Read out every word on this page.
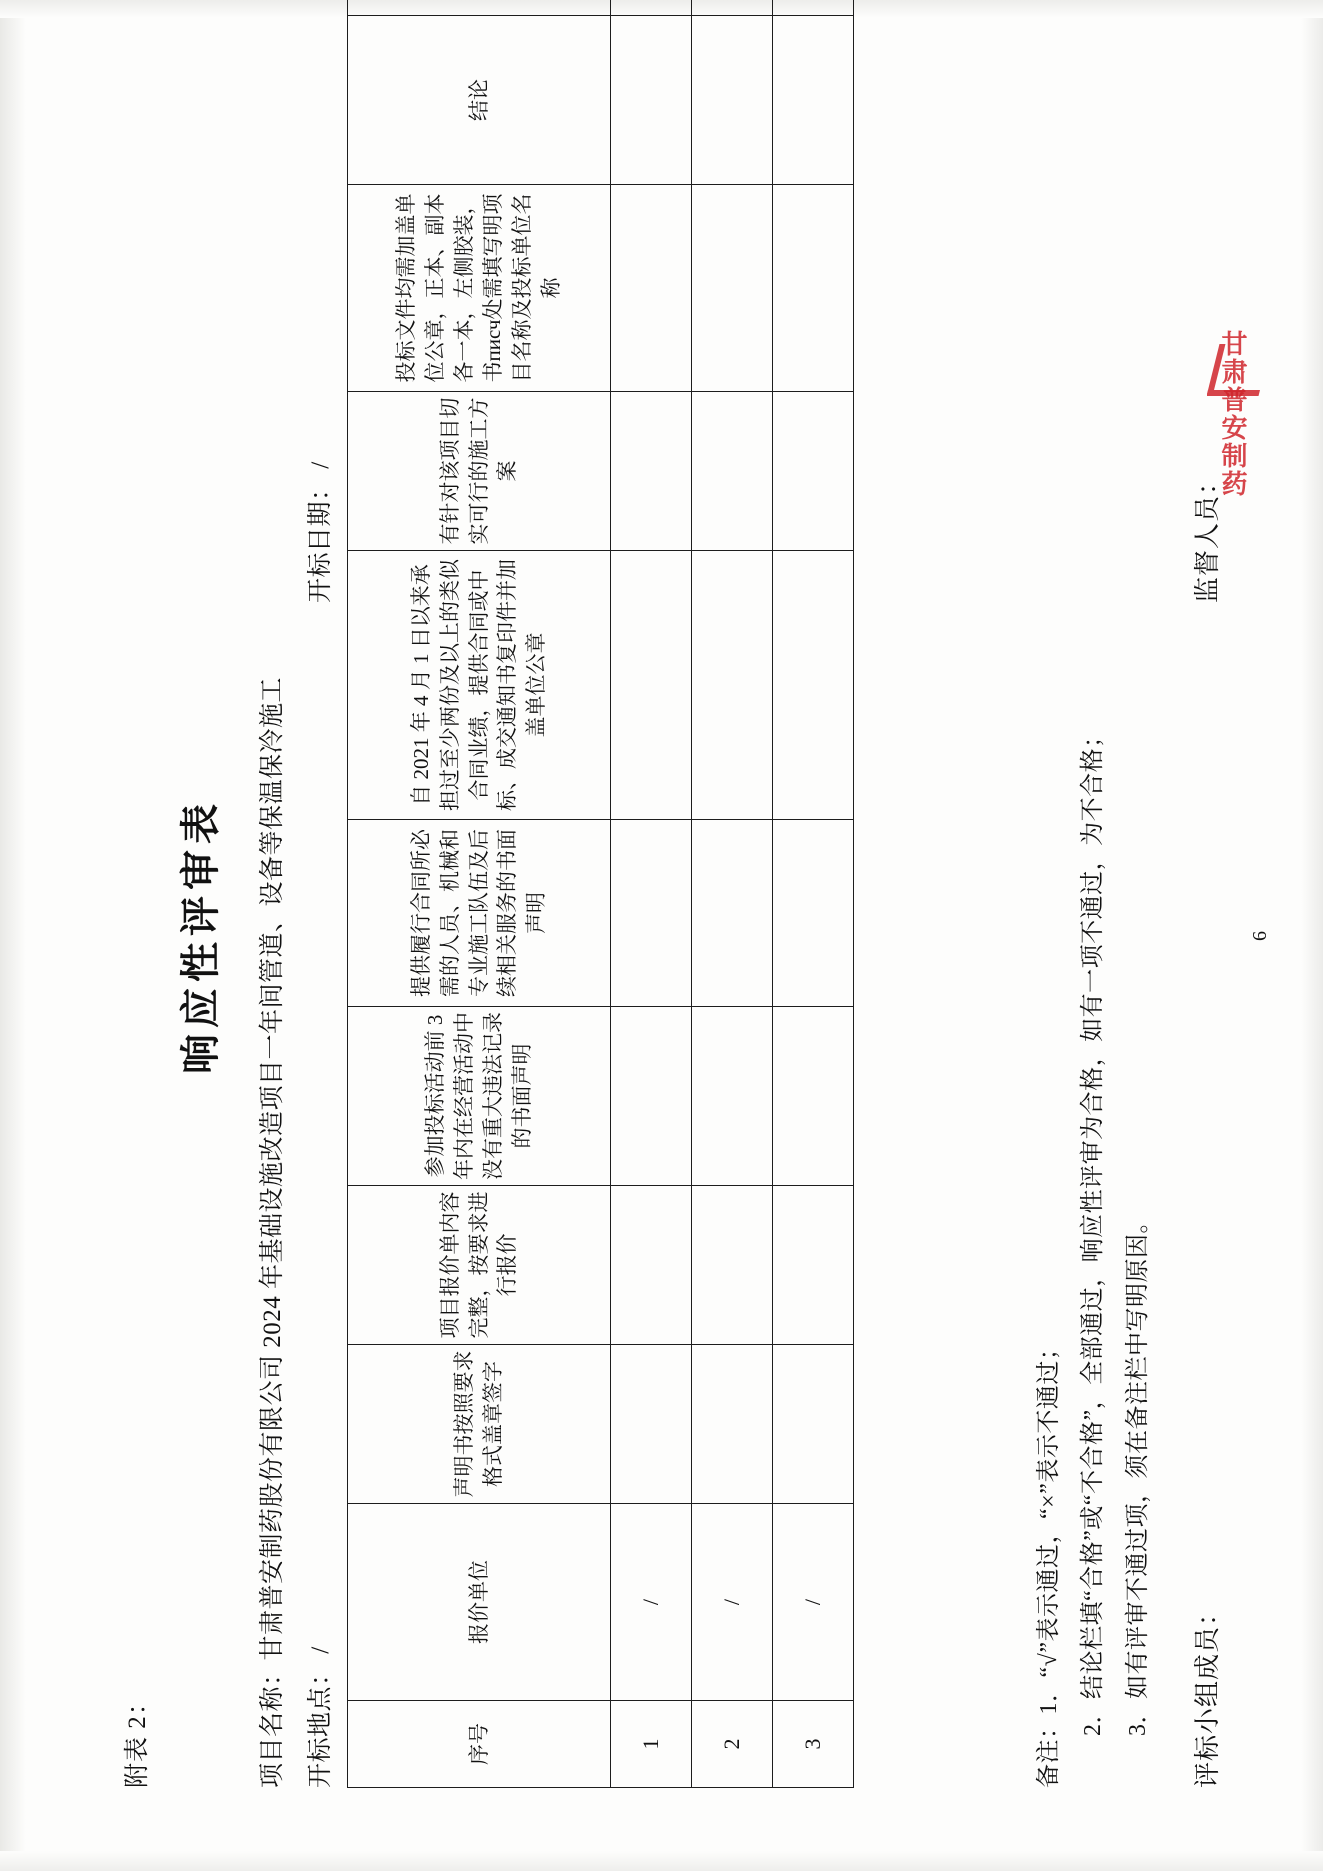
附表 2：
响应性评审表 项目名称：甘肃普安制药股份有限公司 2024 年基础设施改造项目一年间管道、设备等保温保冷施工 开标地点： /
开标日期： /
序号	报价单位	声明书按照要求格式盖章签字	项目报价单内容完整，按要求进行报价	参加投标活动前 3 年内在经营活动中没有重大违法记录的书面声明	提供履行合同所必需的人员、机械和专业施工队伍及后续相关服务的书面声明	自 2021 年 4 月 1 日以来承担过至少两份及以上的类似合同业绩，提供合同或中标、成交通知书复印件并加盖单位公章	有针对该项目切实可行的施工方案	投标文件均需加盖单位公章，正本、副本各一本，左侧胶装，书писч处需填写明项目名称及投标单位名称	结论

1	/									
2	/									
3	/									
备注：1．“√”表示通过，“×”表示不通过； 2．结论栏填“合格”或“不合格”，全部通过，响应性评审为合格，如有一项不通过，为不合格； 3．如有评审不通过项，须在备注栏中写明原因。	评标小组成员：
监督人员：
6
甘肃普安制药
